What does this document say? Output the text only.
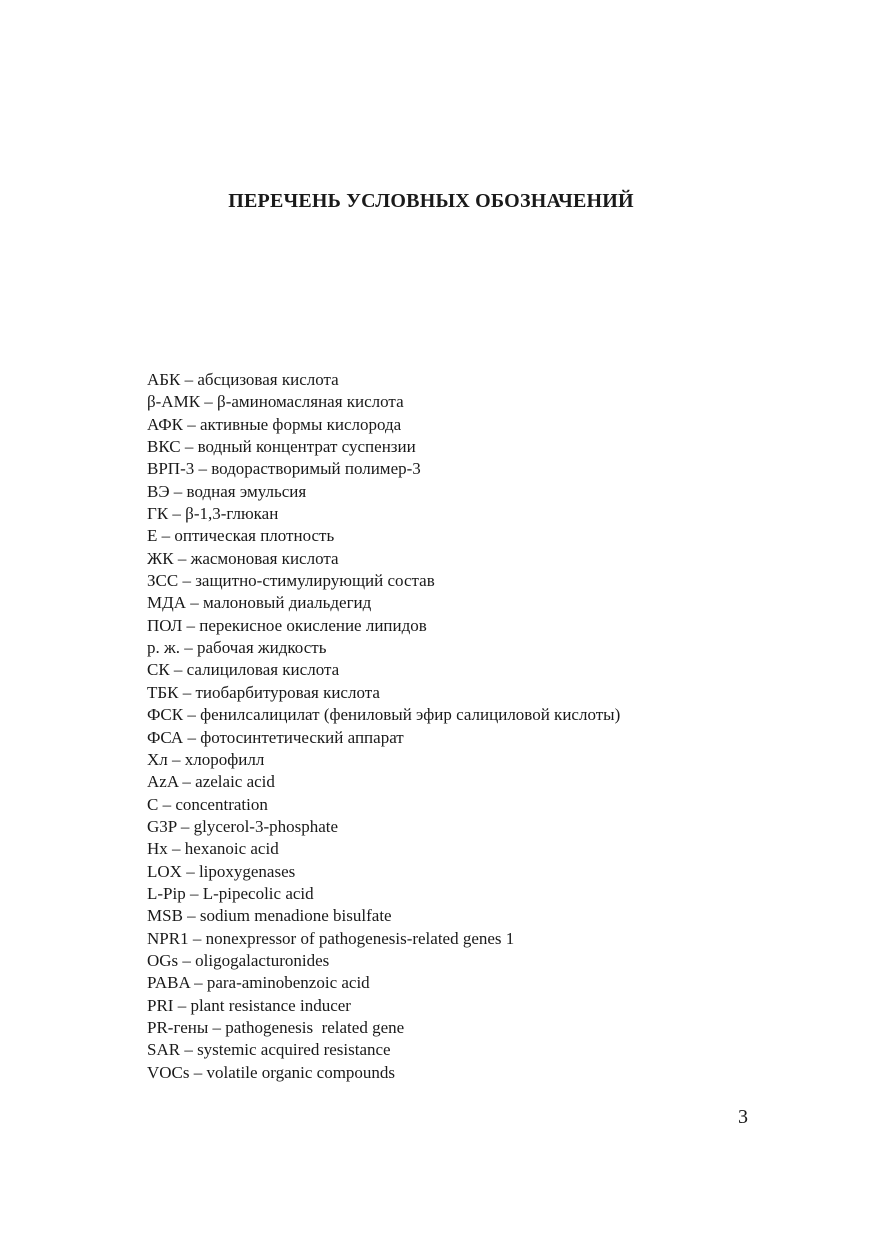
ПЕРЕЧЕНЬ УСЛОВНЫХ ОБОЗНАЧЕНИЙ
АБК – абсцизовая кислота
β-АМК – β-аминомасляная кислота
АФК – активные формы кислорода
ВКС – водный концентрат суспензии
ВРП-3 – водорастворимый полимер-3
ВЭ – водная эмульсия
ГК – β-1,3-глюкан
Е – оптическая плотность
ЖК – жасмоновая кислота
ЗСС – защитно-стимулирующий состав
МДА – малоновый диальдегид
ПОЛ – перекисное окисление липидов
р. ж. – рабочая жидкость
СК – салициловая кислота
ТБК – тиобарбитуровая кислота
ФСК – фенилсалицилат (фениловый эфир салициловой кислоты)
ФСА – фотосинтетический аппарат
Хл – хлорофилл
AzA – azelaic acid
C – concentration
G3P – glycerol-3-phosphate
Hx – hexanoic acid
LOX – lipoxygenases
L-Pip – L-pipecolic acid
MSB – sodium menadione bisulfate
NPR1 – nonexpressor of pathogenesis-related genes 1
OGs – oligogalacturonides
PABA – para-aminobenzoic acid
PRI – plant resistance inducer
PR-гены – pathogenesis  related gene
SAR – systemic acquired resistance
VOCs – volatile organic compounds
3
